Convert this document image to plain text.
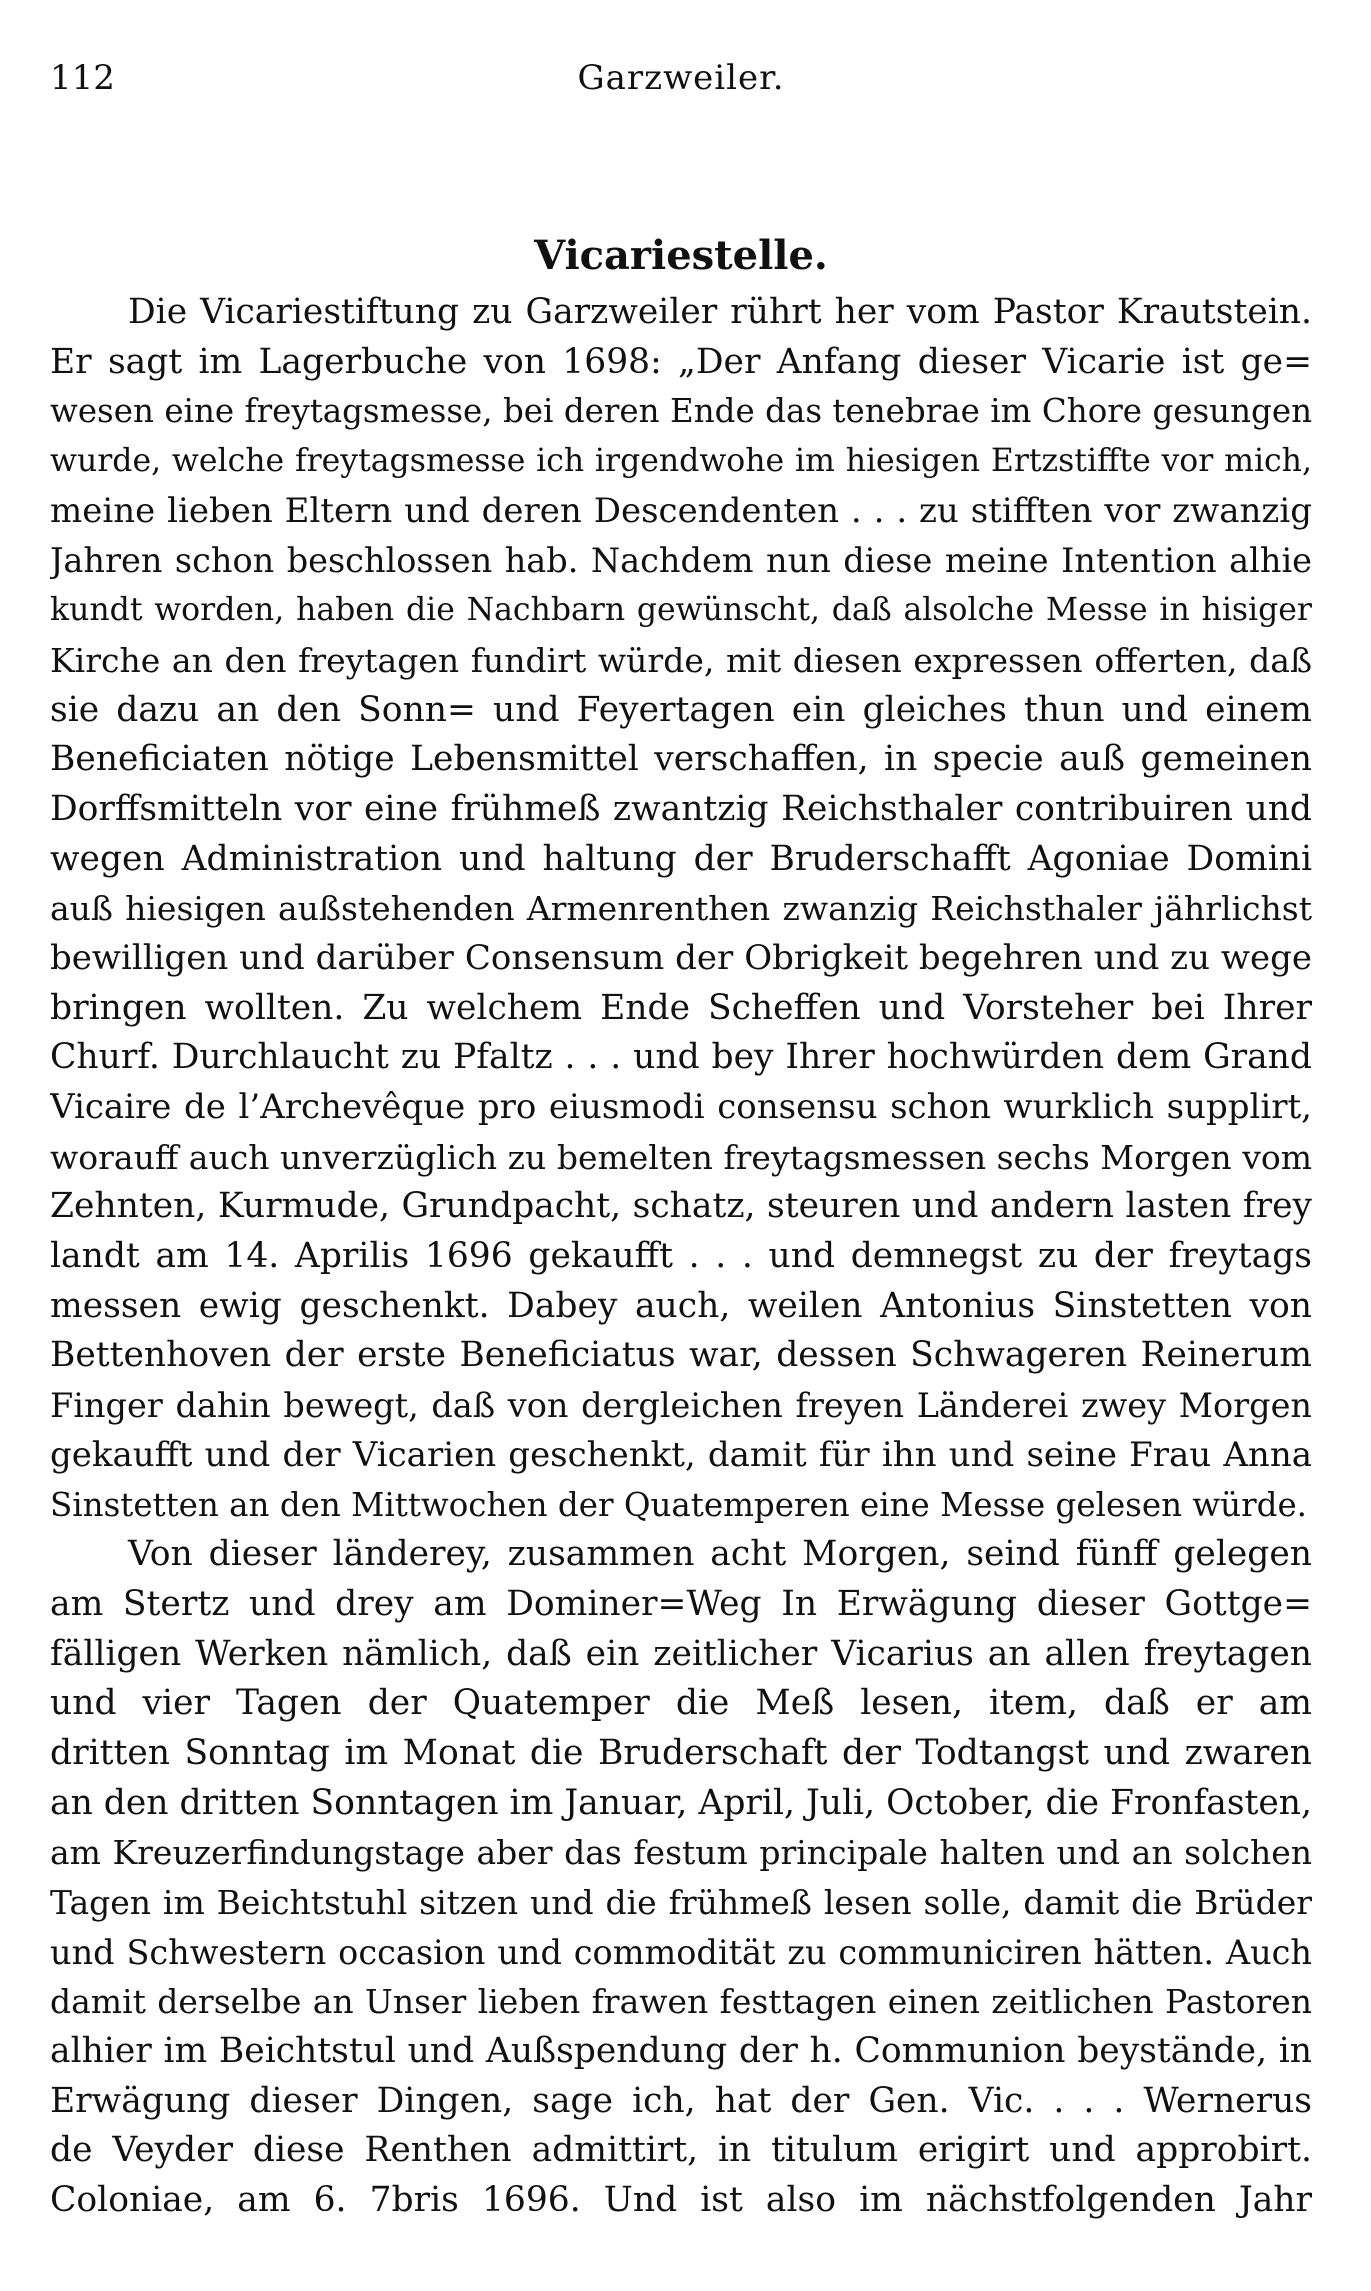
112	Garzweiler.
Vicariestelle.
Die Vicariestiftung zu Garzweiler rührt her vom Pastor Krautstein.
Er sagt im Lagerbuche von 1698: „Der Anfang dieser Vicarie ist ge=
wesen eine freytagsmesse, bei deren Ende das tenebrae im Chore gesungen
wurde, welche freytagsmesse ich irgendwohe im hiesigen Ertzstiffte vor mich,
meine lieben Eltern und deren Descendenten . . . zu stifften vor zwanzig
Jahren schon beschlossen hab. Nachdem nun diese meine Intention alhie
kundt worden, haben die Nachbarn gewünscht, daß alsolche Messe in hisiger
Kirche an den freytagen fundirt würde, mit diesen expressen offerten, daß
sie dazu an den Sonn= und Feyertagen ein gleiches thun und einem
Beneficiaten nötige Lebensmittel verschaffen, in specie auß gemeinen
Dorffsmitteln vor eine frühmeß zwantzig Reichsthaler contribuiren und
wegen Administration und haltung der Bruderschafft Agoniae Domini
auß hiesigen außstehenden Armenrenthen zwanzig Reichsthaler jährlichst
bewilligen und darüber Consensum der Obrigkeit begehren und zu wege
bringen wollten. Zu welchem Ende Scheffen und Vorsteher bei Ihrer
Churf. Durchlaucht zu Pfaltz . . . und bey Ihrer hochwürden dem Grand
Vicaire de l’Archevêque pro eiusmodi consensu schon wurklich supplirt,
worauff auch unverzüglich zu bemelten freytagsmessen sechs Morgen vom
Zehnten, Kurmude, Grundpacht, schatz, steuren und andern lasten frey
landt am 14. Aprilis 1696 gekaufft . . . und demnegst zu der freytags
messen ewig geschenkt. Dabey auch, weilen Antonius Sinstetten von
Bettenhoven der erste Beneficiatus war, dessen Schwageren Reinerum
Finger dahin bewegt, daß von dergleichen freyen Länderei zwey Morgen
gekaufft und der Vicarien geschenkt, damit für ihn und seine Frau Anna
Sinstetten an den Mittwochen der Quatemperen eine Messe gelesen würde.
Von dieser länderey, zusammen acht Morgen, seind fünff gelegen
am Stertz und drey am Dominer=Weg In Erwägung dieser Gottge=
fälligen Werken nämlich, daß ein zeitlicher Vicarius an allen freytagen
und vier Tagen der Quatemper die Meß lesen, item, daß er am
dritten Sonntag im Monat die Bruderschaft der Todtangst und zwaren
an den dritten Sonntagen im Januar, April, Juli, October, die Fronfasten,
am Kreuzerfindungstage aber das festum principale halten und an solchen
Tagen im Beichtstuhl sitzen und die frühmeß lesen solle, damit die Brüder
und Schwestern occasion und commodität zu communiciren hätten. Auch
damit derselbe an Unser lieben frawen festtagen einen zeitlichen Pastoren
alhier im Beichtstul und Außspendung der h. Communion beystände, in
Erwägung dieser Dingen, sage ich, hat der Gen. Vic. . . . Wernerus
de Veyder diese Renthen admittirt, in titulum erigirt und approbirt.
Coloniae, am 6. 7bris 1696. Und ist also im nächstfolgenden Jahr
